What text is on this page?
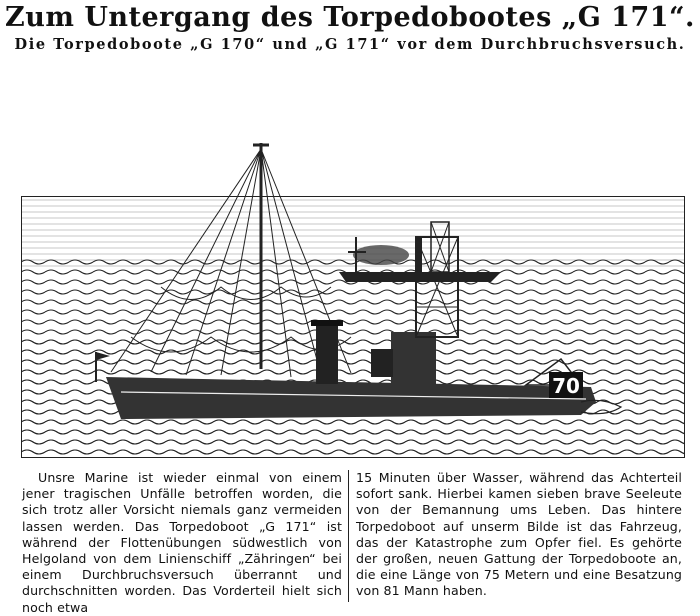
Zum Untergang des Torpedobootes „G 171“.
Die Torpedoboote „G 170“ und „G 171“ vor dem Durchbruchsversuch.
70
Unsre Marine ist wieder einmal von einem jener tragischen Unfälle betroffen worden, die sich trotz aller Vorsicht niemals ganz vermeiden lassen werden. Das Torpedoboot „G 171“ ist während der Flottenübungen südwestlich von Helgoland von dem Linienschiff „Zähringen“ bei einem Durchbruchsversuch überrannt und durchschnitten worden. Das Vorderteil hielt sich noch etwa
15 Minuten über Wasser, während das Achterteil sofort sank. Hierbei kamen sieben brave Seeleute von der Bemannung ums Leben. Das hintere Torpedoboot auf unserm Bilde ist das Fahrzeug, das der Katastrophe zum Opfer fiel. Es gehörte der großen, neuen Gattung der Torpedoboote an, die eine Länge von 75 Metern und eine Besatzung von 81 Mann haben.
